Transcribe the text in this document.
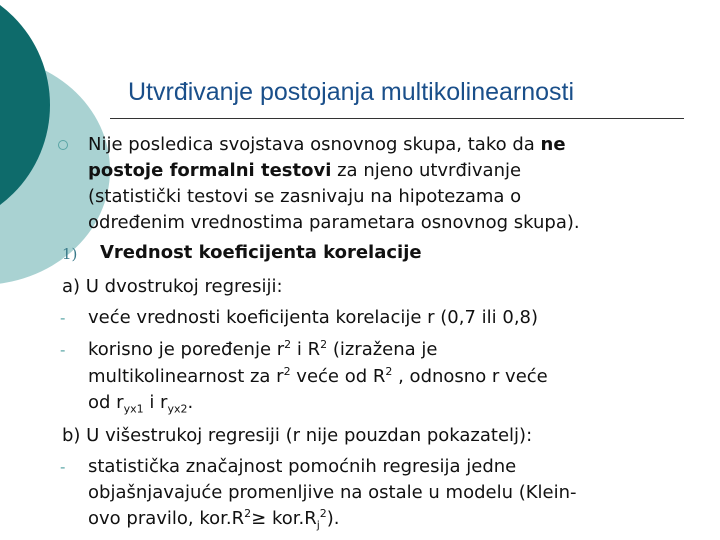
Utvrđivanje postojanja multikolinearnosti
Nije posledica svojstava osnovnog skupa, tako da ne
postoje formalni testovi za njeno utvrđivanje
(statistički testovi se zasnivaju na hipotezama o
određenim vrednostima parametara osnovnog skupa).
1) Vrednost koeficijenta korelacije
a) U dvostrukoj regresiji:
- veće vrednosti koeficijenta korelacije r (0,7 ili 0,8)
- korisno je poređenje $r^2$ i $R^2$ (izražena je
multikolinearnost za $r^2$ veće od $R^2$ , odnosno r veće
od $r_{yx1}$ i $r_{yx2}$.
b) U višestrukoj regresiji (r nije pouzdan pokazatelj):
- statistička značajnost pomoćnih regresija jedne
objašnjavajuće promenljive na ostale u modelu (Klein-
ovo pravilo, $kor.R^2\ge kor.R_j^2$).
